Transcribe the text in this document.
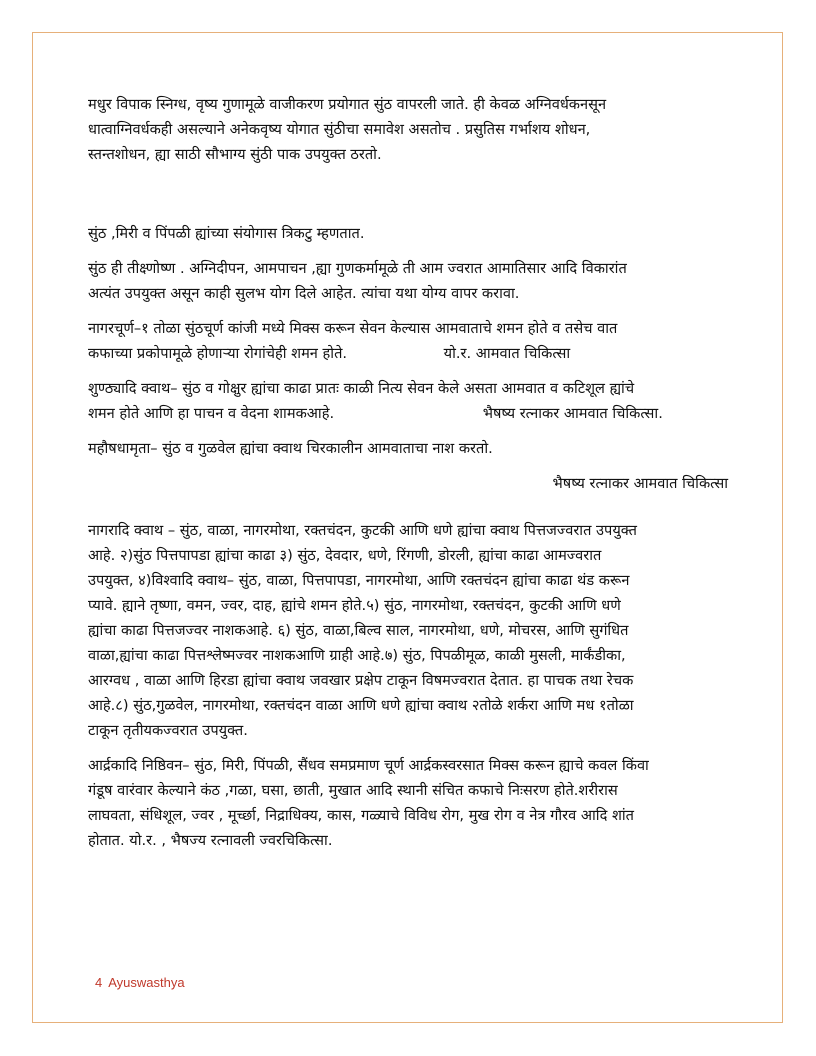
मधुर विपाक स्निग्ध, वृष्य गुणामूळे वाजीकरण प्रयोगात सुंठ वापरली जाते. ही केवळ अग्निवर्धकनसून
धात्वाग्निवर्धकही असल्याने अनेकवृष्य योगात सुंठीचा समावेश असतोच . प्रसुतिस गर्भाशय शोधन,
स्तन्तशोधन, ह्या साठी सौभाग्य सुंठी पाक उपयुक्त ठरतो.

सुंठ ,मिरी व पिंपळी ह्यांच्या संयोगास त्रिकटु म्हणतात.

सुंठ ही तीक्ष्णोष्ण . अग्निदीपन, आमपाचन ,ह्या गुणकर्मामूळे ती आम ज्वरात आमातिसार आदि विकारांत
अत्यंत उपयुक्त असून काही सुलभ योग दिले आहेत. त्यांचा यथा योग्य वापर करावा.

नागरचूर्ण–१ तोळा सुंठचूर्ण कांजी मध्ये मिक्स करून सेवन केल्यास आमवाताचे शमन होते व तसेच वात
कफाच्या प्रकोपामूळे होणाऱ्या रोगांचेही शमन होते.	यो.र. आमवात चिकित्सा

शुण्ठ्यादि क्वाथ– सुंठ व गोक्षुर ह्यांचा काढा प्रातः काळी नित्य सेवन केले असता आमवात व कटिशूल ह्यांचे
शमन होते आणि हा पाचन व वेदना शामकआहे.	भैषष्य रत्नाकर आमवात चिकित्सा.

महौषधामृता– सुंठ व गुळवेल ह्यांचा क्वाथ चिरकालीन आमवाताचा नाश करतो.

भैषष्य रत्नाकर आमवात चिकित्सा

नागरादि क्वाथ – सुंठ, वाळा, नागरमोथा, रक्तचंदन, कुटकी आणि धणे ह्यांचा क्वाथ पित्तजज्वरात उपयुक्त
आहे. २)सुंठ पित्तपापडा ह्यांचा काढा ३) सुंठ, देवदार, धणे, रिंगणी, डोरली, ह्यांचा काढा आमज्वरात
उपयुक्त, ४)विश्वादि क्वाथ– सुंठ, वाळा, पित्तपापडा, नागरमोथा, आणि रक्तचंदन ह्यांचा काढा थंड करून
प्यावे. ह्याने तृष्णा, वमन, ज्वर, दाह, ह्यांचे शमन होते.५) सुंठ, नागरमोथा, रक्तचंदन, कुटकी आणि धणे
ह्यांचा काढा पित्तजज्वर नाशकआहे. ६) सुंठ, वाळा,बिल्व साल, नागरमोथा, धणे, मोचरस, आणि सुगंधित
वाळा,ह्यांचा काढा पित्तश्लेष्मज्वर नाशकआणि ग्राही आहे.७) सुंठ, पिपळीमूळ, काळी मुसली, मार्कंडीका,
आरग्वध , वाळा आणि हिरडा ह्यांचा क्वाथ जवखार प्रक्षेप टाकून विषमज्वरात देतात. हा पाचक तथा रेचक
आहे.८) सुंठ,गुळवेल, नागरमोथा, रक्तचंदन वाळा आणि धणे ह्यांचा क्वाथ २तोळे शर्करा आणि मध १तोळा
टाकून तृतीयकज्वरात उपयुक्त.

आर्द्रकादि निष्ठिवन– सुंठ, मिरी, पिंपळी, सैंधव समप्रमाण चूर्ण आर्द्रकस्वरसात मिक्स करून ह्याचे कवल किंवा
गंडूष वारंवार केल्याने कंठ ,गळा, घसा, छाती, मुखात आदि स्थानी संचित कफाचे निःसरण होते.शरीरास
लाघवता, संधिशूल, ज्वर , मूर्च्छा, निद्राधिक्य, कास, गळ्याचे विविध रोग, मुख रोग व नेत्र गौरव आदि शांत
होतात. यो.र. , भैषज्य रत्नावली ज्वरचिकित्सा.

4 Ayuswasthya
